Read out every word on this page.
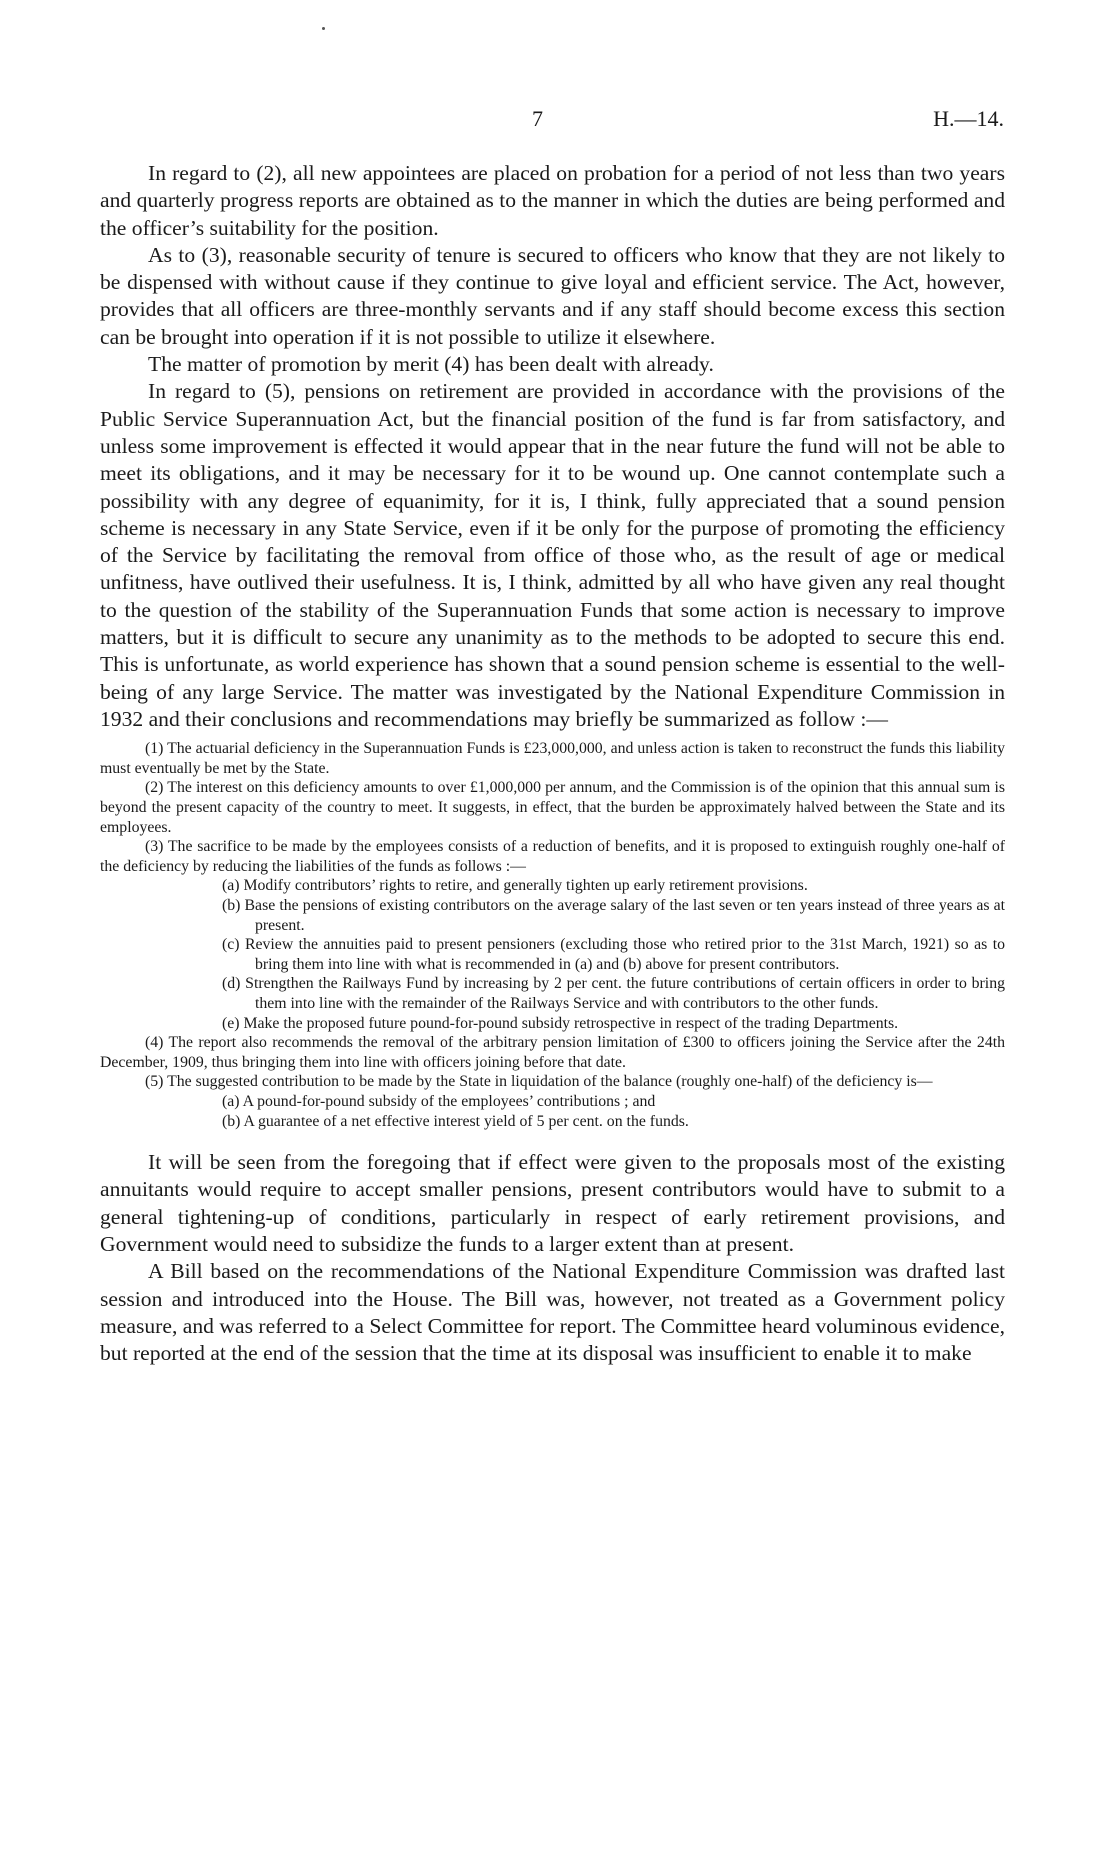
7	H.—14.

In regard to (2), all new appointees are placed on probation for a period of not less than two years and quarterly progress reports are obtained as to the manner in which the duties are being performed and the officer’s suitability for the position.

As to (3), reasonable security of tenure is secured to officers who know that they are not likely to be dispensed with without cause if they continue to give loyal and efficient service. The Act, however, provides that all officers are three-monthly servants and if any staff should become excess this section can be brought into operation if it is not possible to utilize it elsewhere.

The matter of promotion by merit (4) has been dealt with already.

In regard to (5), pensions on retirement are provided in accordance with the provisions of the Public Service Superannuation Act, but the financial position of the fund is far from satisfactory, and unless some improvement is effected it would appear that in the near future the fund will not be able to meet its obligations, and it may be necessary for it to be wound up. One cannot contemplate such a possibility with any degree of equanimity, for it is, I think, fully appreciated that a sound pension scheme is necessary in any State Service, even if it be only for the purpose of promoting the efficiency of the Service by facilitating the removal from office of those who, as the result of age or medical unfitness, have outlived their usefulness. It is, I think, admitted by all who have given any real thought to the question of the stability of the Superannuation Funds that some action is necessary to improve matters, but it is difficult to secure any unanimity as to the methods to be adopted to secure this end. This is unfortunate, as world experience has shown that a sound pension scheme is essential to the well-being of any large Service. The matter was investigated by the National Expenditure Commission in 1932 and their conclusions and recommendations may briefly be summarized as follow :—

(1) The actuarial deficiency in the Superannuation Funds is £23,000,000, and unless action is taken to reconstruct the funds this liability must eventually be met by the State.

(2) The interest on this deficiency amounts to over £1,000,000 per annum, and the Commission is of the opinion that this annual sum is beyond the present capacity of the country to meet. It suggests, in effect, that the burden be approximately halved between the State and its employees.

(3) The sacrifice to be made by the employees consists of a reduction of benefits, and it is proposed to extinguish roughly one-half of the deficiency by reducing the liabilities of the funds as follows :—

(a) Modify contributors’ rights to retire, and generally tighten up early retirement provisions.

(b) Base the pensions of existing contributors on the average salary of the last seven or ten years instead of three years as at present.

(c) Review the annuities paid to present pensioners (excluding those who retired prior to the 31st March, 1921) so as to bring them into line with what is recommended in (a) and (b) above for present contributors.

(d) Strengthen the Railways Fund by increasing by 2 per cent. the future contributions of certain officers in order to bring them into line with the remainder of the Railways Service and with contributors to the other funds.

(e) Make the proposed future pound-for-pound subsidy retrospective in respect of the trading Departments.

(4) The report also recommends the removal of the arbitrary pension limitation of £300 to officers joining the Service after the 24th December, 1909, thus bringing them into line with officers joining before that date.

(5) The suggested contribution to be made by the State in liquidation of the balance (roughly one-half) of the deficiency is—

(a) A pound-for-pound subsidy of the employees’ contributions ; and

(b) A guarantee of a net effective interest yield of 5 per cent. on the funds.

It will be seen from the foregoing that if effect were given to the proposals most of the existing annuitants would require to accept smaller pensions, present contributors would have to submit to a general tightening-up of conditions, particularly in respect of early retirement provisions, and Government would need to subsidize the funds to a larger extent than at present.

A Bill based on the recommendations of the National Expenditure Commission was drafted last session and introduced into the House. The Bill was, however, not treated as a Government policy measure, and was referred to a Select Committee for report. The Committee heard voluminous evidence, but reported at the end of the session that the time at its disposal was insufficient to enable it to make
